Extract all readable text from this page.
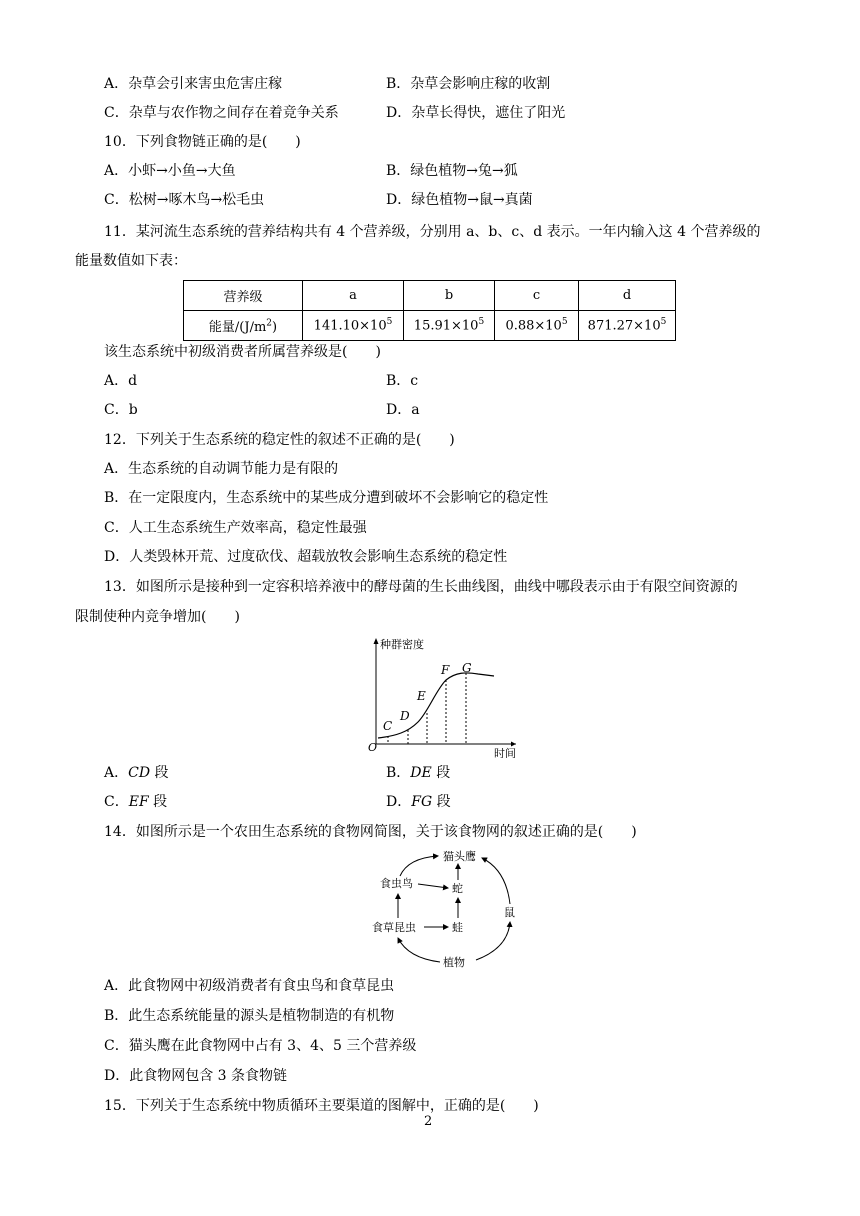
A．杂草会引来害虫危害庄稼	B．杂草会影响庄稼的收割
C．杂草与农作物之间存在着竞争关系	D．杂草长得快，遮住了阳光
10．下列食物链正确的是(　　)
A．小虾→小鱼→大鱼	B．绿色植物→兔→狐
C．松树→啄木鸟→松毛虫	D．绿色植物→鼠→真菌
11．某河流生态系统的营养结构共有 4 个营养级，分别用 a、b、c、d 表示。一年内输入这 4 个营养级的
能量数值如下表：
营养级	a	b	c	d
能量$/(J/m^2)$	$141.10\times 10^5$	$15.91\times 10^5$	$0.88\times 10^5$	$871.27\times 10^5$
该生态系统中初级消费者所属营养级是(　　)
A．d	B．c
C．b	D．a
12．下列关于生态系统的稳定性的叙述不正确的是(　　)
A．生态系统的自动调节能力是有限的
B．在一定限度内，生态系统中的某些成分遭到破坏不会影响它的稳定性
C．人工生态系统生产效率高，稳定性最强
D．人类毁林开荒、过度砍伐、超载放牧会影响生态系统的稳定性
13．如图所示是接种到一定容积培养液中的酵母菌的生长曲线图，曲线中哪段表示由于有限空间资源的
限制使种内竞争增加(　　)
种群密度
时间
O
C
D
E
F G
A．CD 段	B．DE 段
C．EF 段	D．FG 段
14．如图所示是一个农田生态系统的食物网简图，关于该食物网的叙述正确的是(　　)
猫头鹰
食虫鸟	蛇
鼠
食草昆虫	蛙
植物
A．此食物网中初级消费者有食虫鸟和食草昆虫
B．此生态系统能量的源头是植物制造的有机物
C．猫头鹰在此食物网中占有 3、4、5 三个营养级
D．此食物网包含 3 条食物链
15．下列关于生态系统中物质循环主要渠道的图解中，正确的是(　　)
2
